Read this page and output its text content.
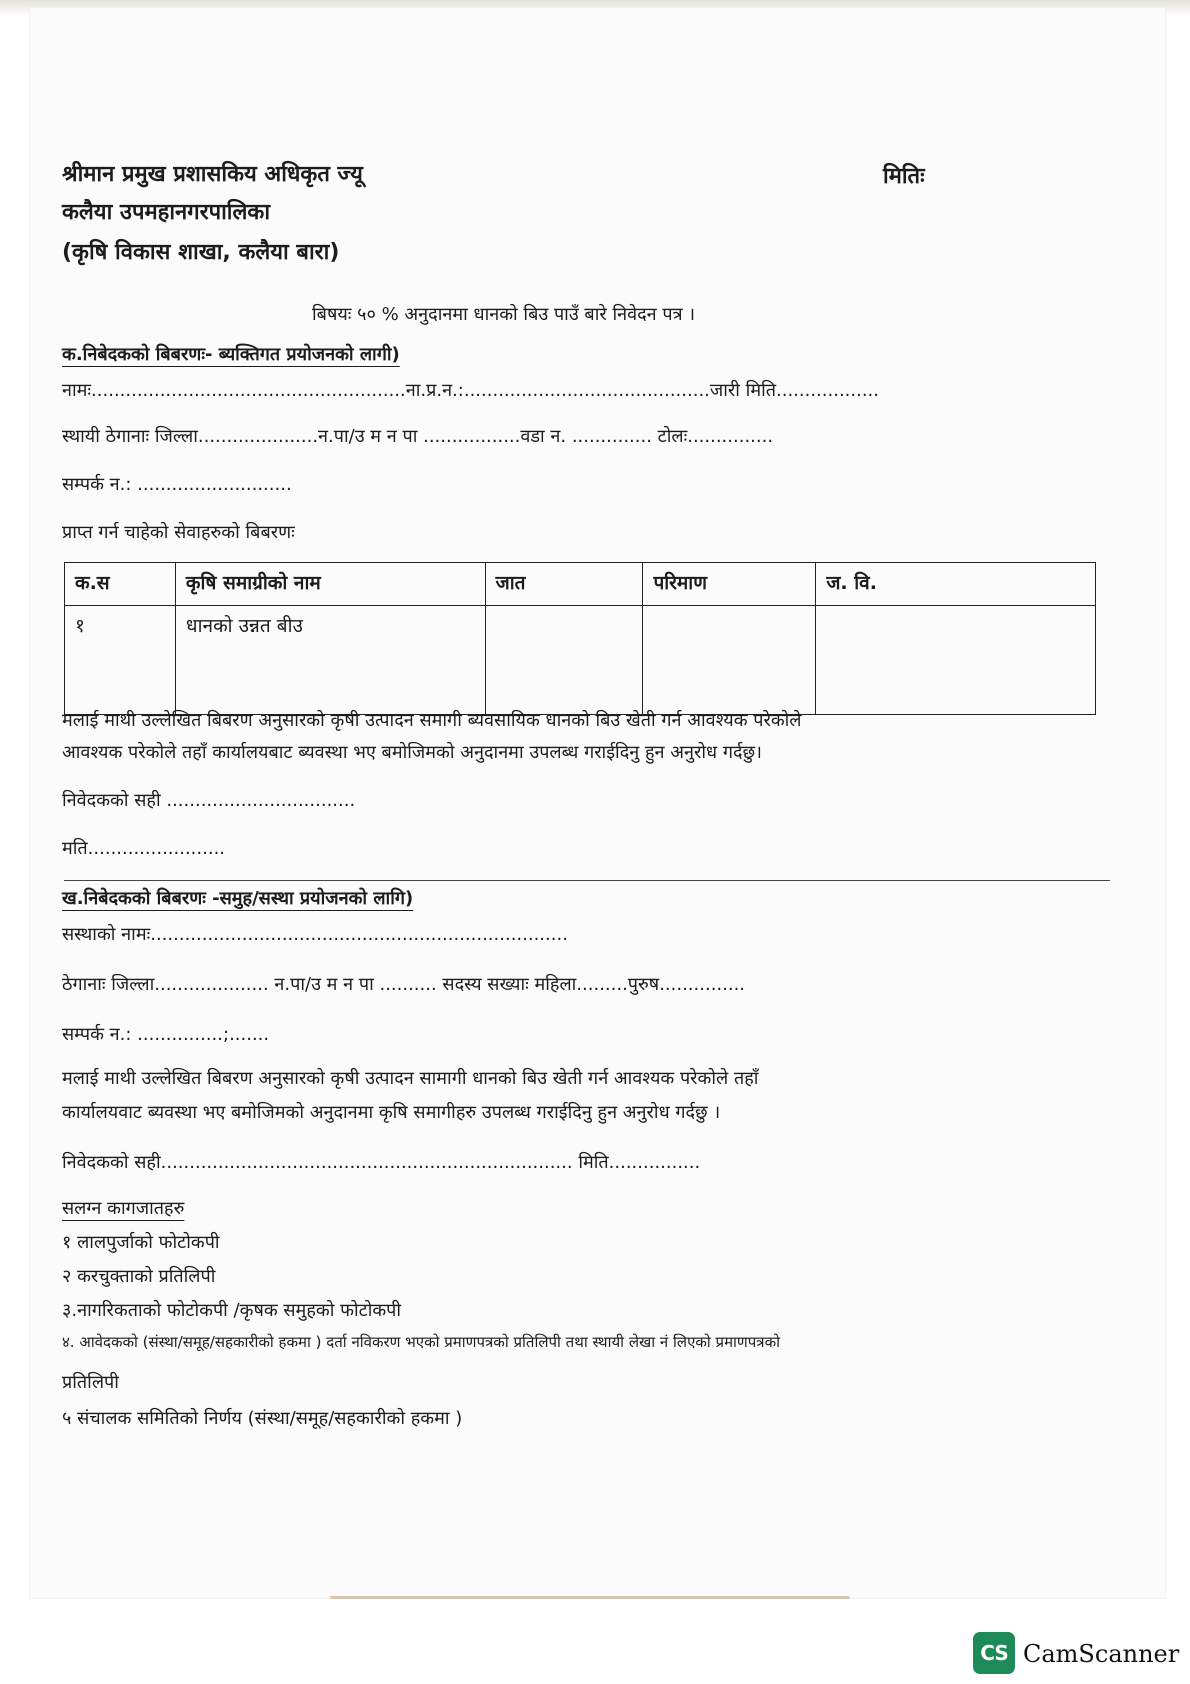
श्रीमान प्रमुख प्रशासकिय अधिकृत ज्यू
कलैया उपमहानगरपालिका
(कृषि विकास शाखा, कलैया बारा)
मितिः
बिषयः ५० % अनुदानमा धानको बिउ पाउँ बारे निवेदन पत्र ।
क.निबेदकको बिबरणः- ब्यक्तिगत प्रयोजनको लागी)
नामः.......................................................ना.प्र.न.:...........................................जारी मिति..................
स्थायी ठेगानाः जिल्ला.....................न.पा/उ म न पा .................वडा न. .............. टोलः...............
सम्पर्क न.: ...........................
प्राप्त गर्न चाहेको सेवाहरुको बिबरणः
क.स	कृषि समाग्रीको नाम	जात	परिमाण	ज. वि.
१	धानको उन्नत बीउ			
मलाई माथी उल्लेखित बिबरण अनुसारको कृषी उत्पादन समागी ब्यवसायिक धानको बिउ खेती गर्न आवश्यक परेकोले
आवश्यक परेकोले तहाँ कार्यालयबाट ब्यवस्था भए बमोजिमको अनुदानमा उपलब्ध गराईदिनु हुन अनुरोध गर्दछु।
निवेदकको सही .................................
मति........................
ख.निबेदकको बिबरणः -समुह/सस्था प्रयोजनको लागि)
सस्थाको नामः.........................................................................
ठेगानाः जिल्ला.................... न.पा/उ म न पा .......... सदस्य सख्याः महिला.........पुरुष...............
सम्पर्क न.: ...............;.......
मलाई माथी उल्लेखित बिबरण अनुसारको कृषी उत्पादन सामागी धानको बिउ खेती गर्न आवश्यक परेकोले तहाँ
कार्यालयवाट ब्यवस्था भए बमोजिमको अनुदानमा कृषि समागीहरु उपलब्ध गराईदिनु हुन अनुरोध गर्दछु ।
निवेदकको सही........................................................................ मिति................
सलग्न कागजातहरु
१ लालपुर्जाको फोटोकपी
२ करचुक्ताको प्रतिलिपी
३.नागरिकताको फोटोकपी /कृषक समुहको फोटोकपी
४. आवेदकको (संस्था/समूह/सहकारीको हकमा ) दर्ता नविकरण भएको प्रमाणपत्रको प्रतिलिपी तथा स्थायी लेखा नं लिएको प्रमाणपत्रको
प्रतिलिपी
५ संचालक समितिको निर्णय (संस्था/समूह/सहकारीको हकमा )
CS CamScanner
